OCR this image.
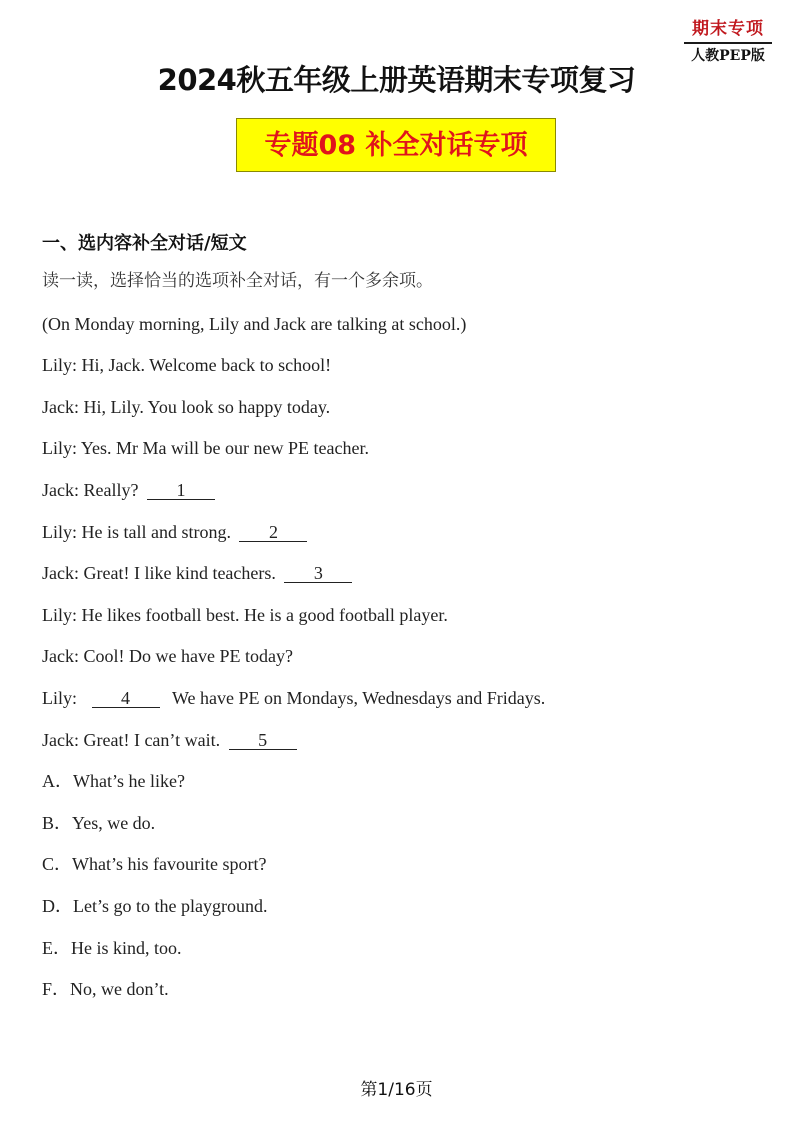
期末专项
人教PEP版
2024秋五年级上册英语期末专项复习
专题08 补全对话专项
一、选内容补全对话/短文
读一读，选择恰当的选项补全对话，有一个多余项。
(On Monday morning, Lily and Jack are talking at school.)
Lily: Hi, Jack. Welcome back to school!
Jack: Hi, Lily. You look so happy today.
Lily: Yes. Mr Ma will be our new PE teacher.
Jack: Really? 1
Lily: He is tall and strong. 2
Jack: Great! I like kind teachers. 3
Lily: He likes football best. He is a good football player.
Jack: Cool! Do we have PE today?
Lily: 4 We have PE on Mondays, Wednesdays and Fridays.
Jack: Great! I can’t wait. 5
A．What’s he like?
B．Yes, we do.
C．What’s his favourite sport?
D．Let’s go to the playground.
E．He is kind, too.
F．No, we don’t.
第1/16页
